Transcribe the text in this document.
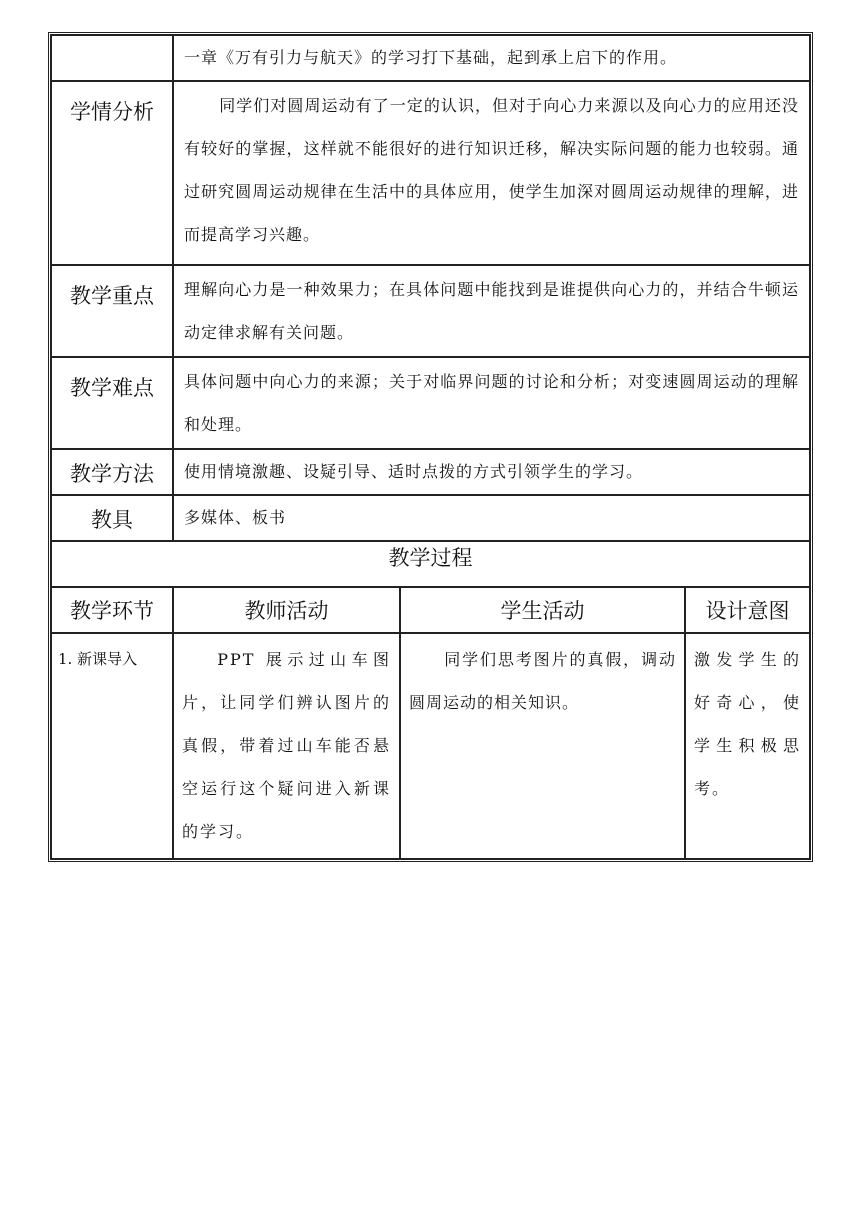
	一章《万有引力与航天》的学习打下基础，起到承上启下的作用。		
学情分析	同学们对圆周运动有了一定的认识，但对于向心力来源以及向心力的应用还没有较好的掌握，这样就不能很好的进行知识迁移，解决实际问题的能力也较弱。通过研究圆周运动规律在生活中的具体应用，使学生加深对圆周运动规律的理解，进而提高学习兴趣。		
教学重点	理解向心力是一种效果力；在具体问题中能找到是谁提供向心力的，并结合牛顿运动定律求解有关问题。		
教学难点	具体问题中向心力的来源；关于对临界问题的讨论和分析；对变速圆周运动的理解和处理。		
教学方法	使用情境激趣、设疑引导、适时点拨的方式引领学生的学习。		
教具	多媒体、板书		
教学过程			
教学环节	教师活动	学生活动	设计意图
1. 新课导入	PPT 展示过山车图片，让同学们辨认图片的真假，带着过山车能否悬空运行这个疑问进入新课的学习。	同学们思考图片的真假，调动圆周运动的相关知识。	激发学生的好奇心，使学生积极思考。
